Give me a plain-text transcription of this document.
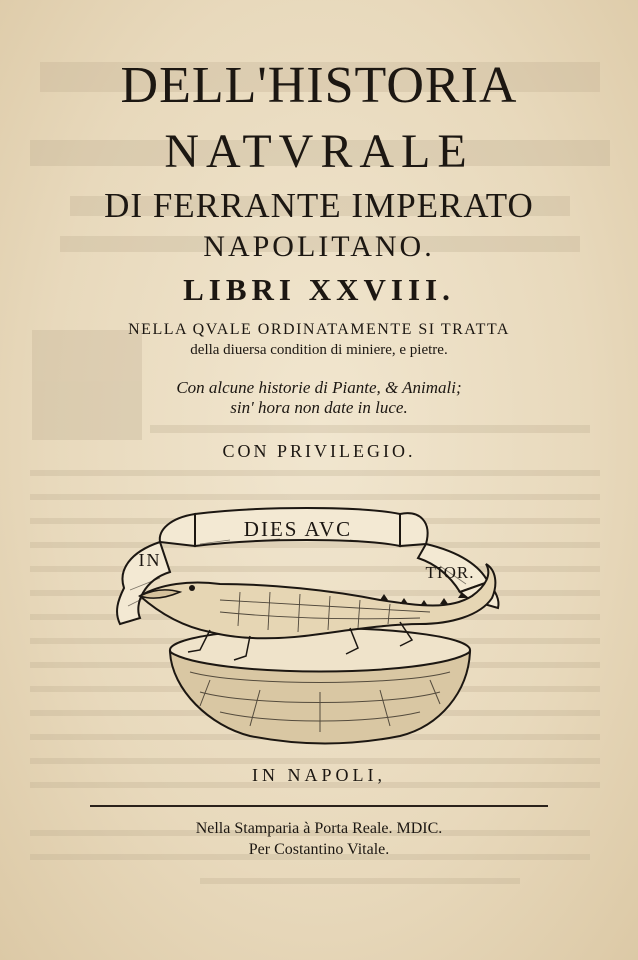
DELL'HISTORIA
NATVRALE
DI FERRANTE IMPERATO
NAPOLITANO.
LIBRI XXVIII.
NELLA QVALE ORDINATAMENTE SI TRATTA
della diuersa condition di miniere, e pietre.
Con alcune historie di Piante, & Animali;
sin' hora non date in luce.
CON PRIVILEGIO.
DIES AVC
IN
TIOR.
IN NAPOLI,
Nella Stamparia à Porta Reale. MDIC.
Per Costantino Vitale.
